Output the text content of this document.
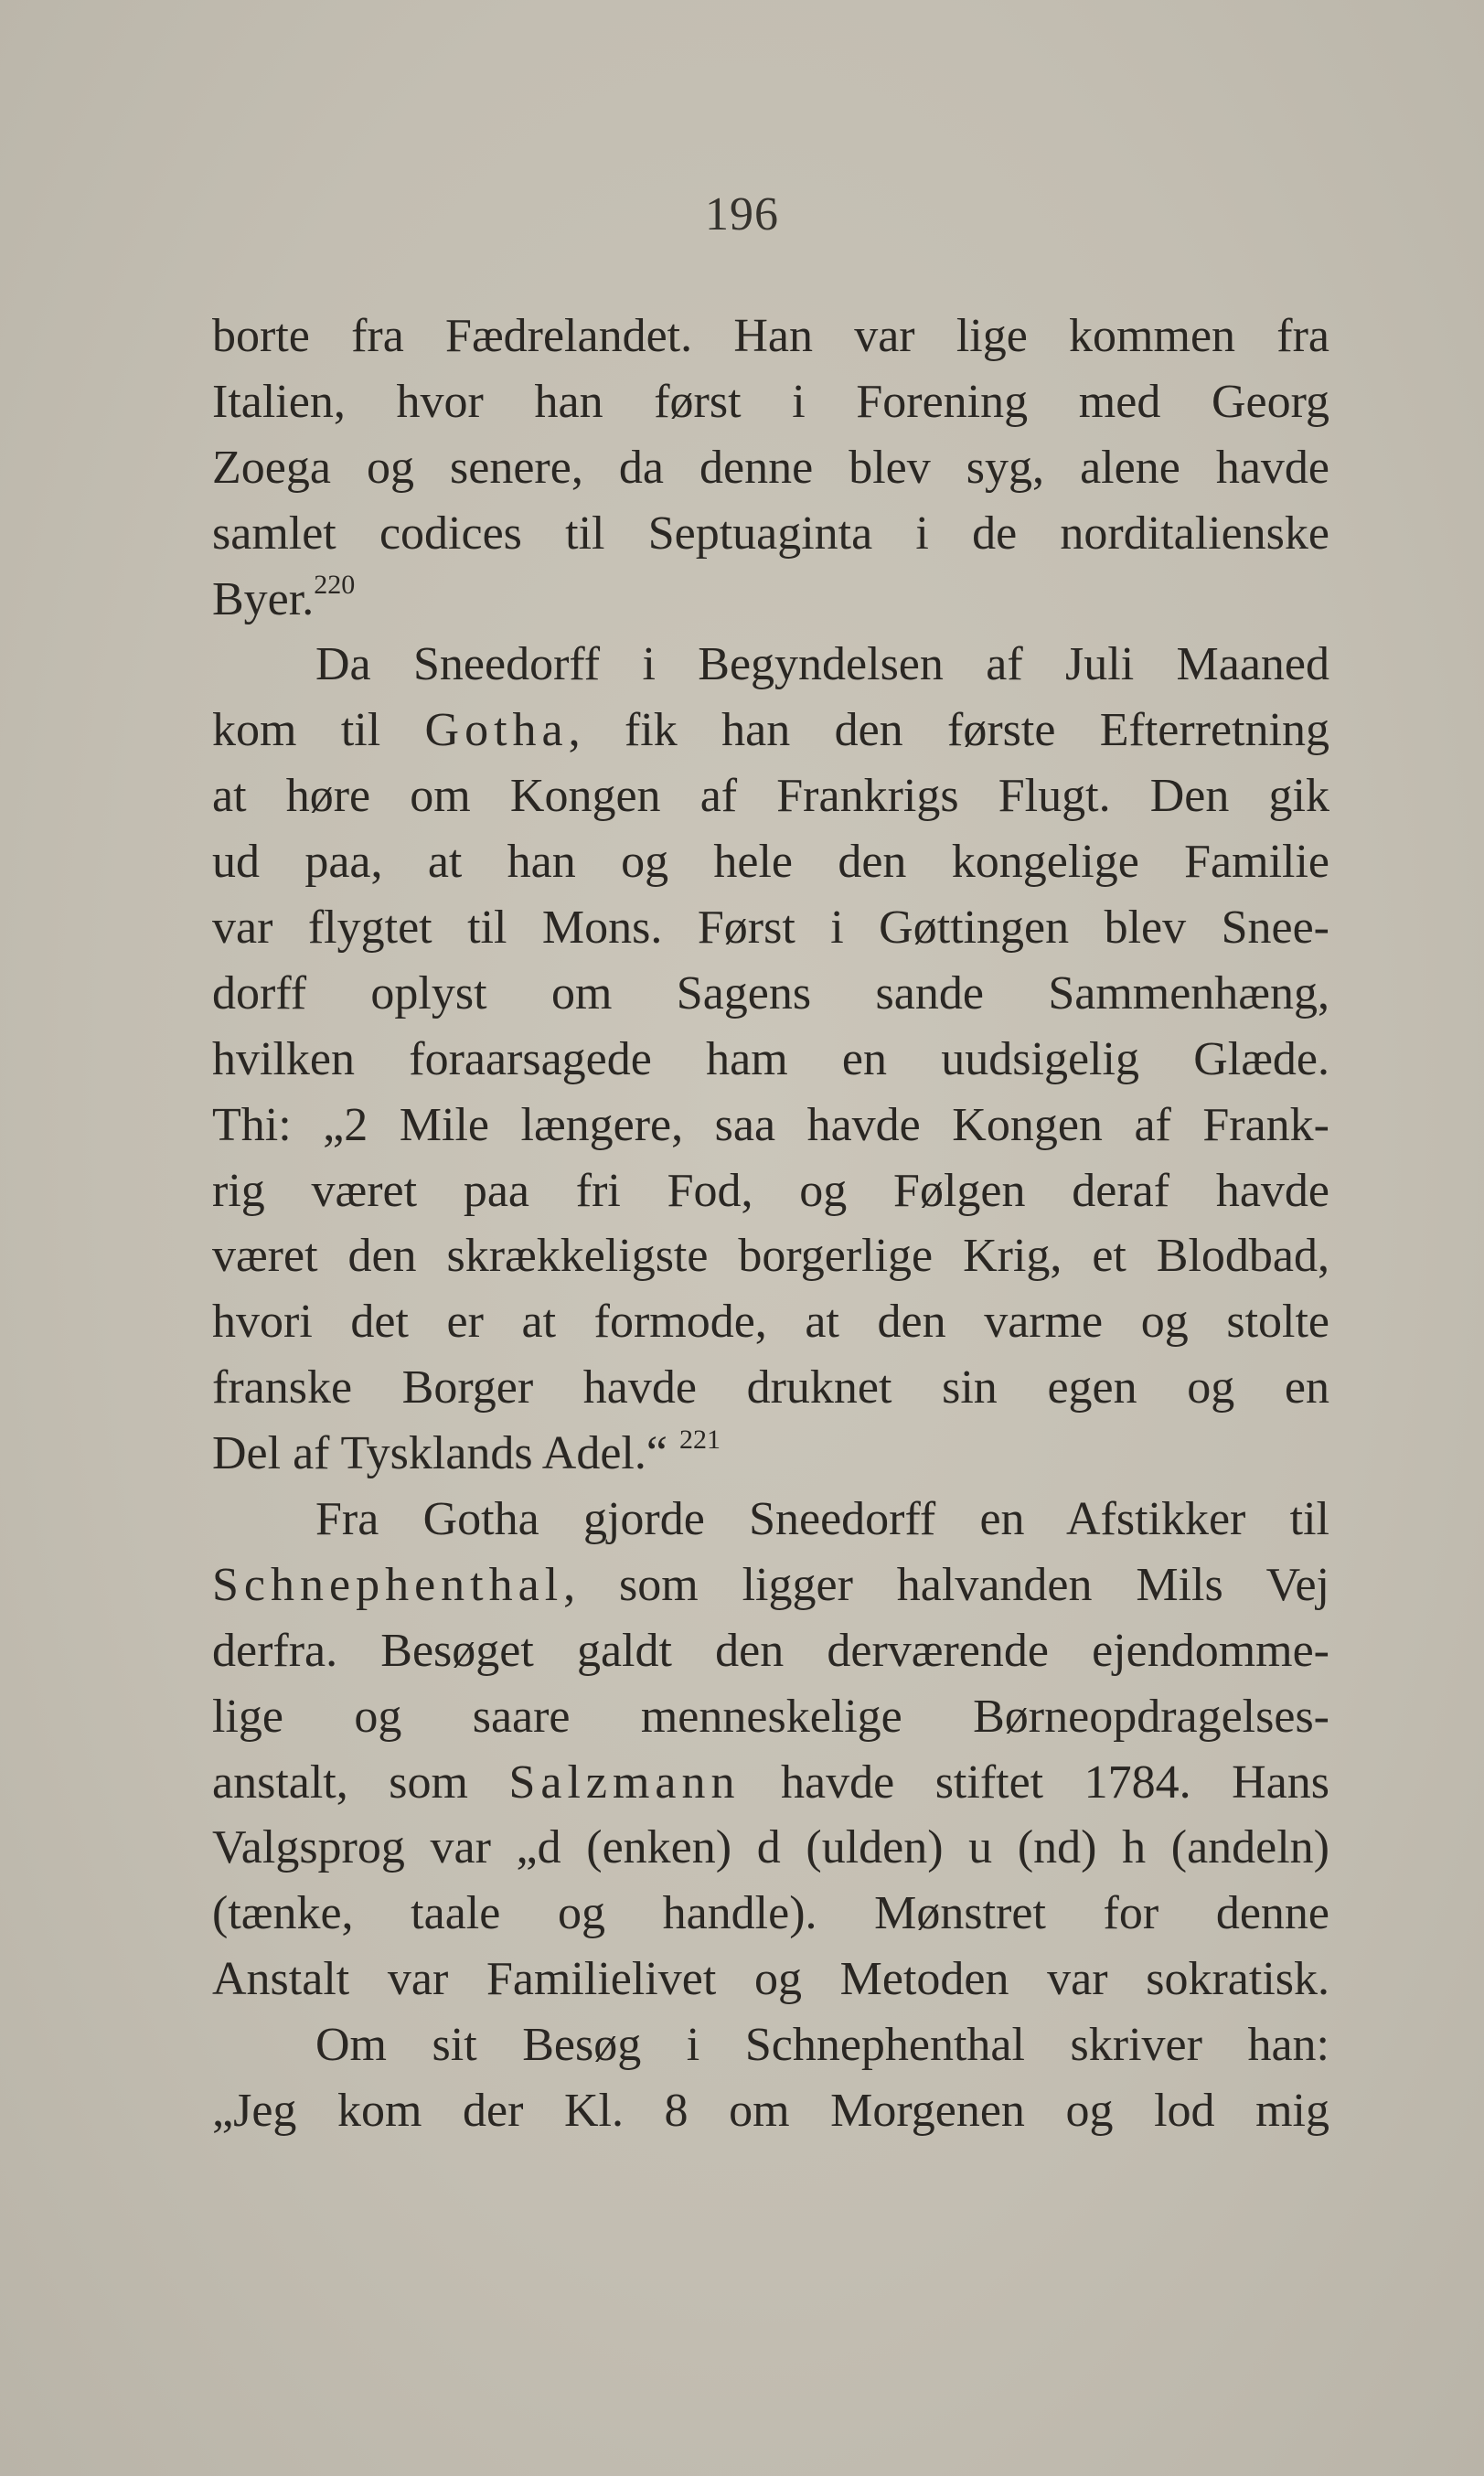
196
borte fra Fædrelandet. Han var lige kommen fra
Italien, hvor han først i Forening med Georg
Zoega og senere, da denne blev syg, alene havde
samlet codices til Septuaginta i de norditalienske
Byer.$^{220}$
Da Sneedorff i Begyndelsen af Juli Maaned
kom til Gotha, fik han den første Efterretning
at høre om Kongen af Frankrigs Flugt. Den gik
ud paa, at han og hele den kongelige Familie
var flygtet til Mons. Først i Gøttingen blev Snee-
dorff oplyst om Sagens sande Sammenhæng,
hvilken foraarsagede ham en uudsigelig Glæde.
Thi: „2 Mile længere, saa havde Kongen af Frank-
rig været paa fri Fod, og Følgen deraf havde
været den skrækkeligste borgerlige Krig, et Blodbad,
hvori det er at formode, at den varme og stolte
franske Borger havde druknet sin egen og en
Del af Tysklands Adel.“ $^{221}$
Fra Gotha gjorde Sneedorff en Afstikker til
Schnephenthal, som ligger halvanden Mils Vej
derfra. Besøget galdt den derværende ejendomme-
lige og saare menneskelige Børneopdragelses-
anstalt, som Salzmann havde stiftet 1784. Hans
Valgsprog var „d (enken) d (ulden) u (nd) h (andeln)
(tænke, taale og handle). Mønstret for denne
Anstalt var Familielivet og Metoden var sokratisk.
Om sit Besøg i Schnephenthal skriver han:
„Jeg kom der Kl. 8 om Morgenen og lod mig
